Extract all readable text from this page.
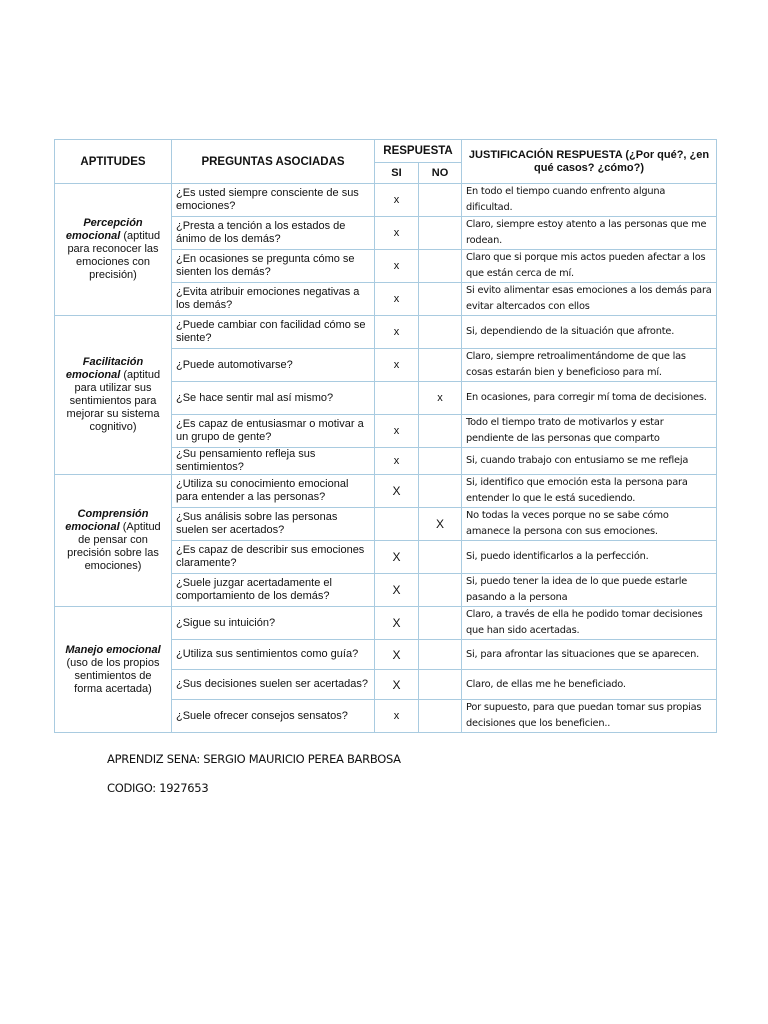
APTITUDES	PREGUNTAS ASOCIADAS	RESPUESTA		JUSTIFICACIÓN RESPUESTA (¿Por qué?, ¿en qué casos? ¿cómo?)
		SI	NO	
Percepción emocional (aptitud para reconocer las emociones con precisión)	¿Es usted siempre consciente de sus emociones?	x		En todo el tiempo cuando enfrento alguna dificultad.
	¿Presta a tención a los estados de ánimo de los demás?	x		Claro, siempre estoy atento a las personas que me rodean.
	¿En ocasiones se pregunta cómo se sienten los demás?	x		Claro que si porque mis actos pueden afectar a los que están cerca de mí.
	¿Evita atribuir emociones negativas a los demás?	x		Si evito alimentar esas emociones a los demás para evitar altercados con ellos
Facilitación emocional (aptitud para utilizar sus sentimientos para mejorar su sistema cognitivo)	¿Puede cambiar con facilidad cómo se siente?	x		Si, dependiendo de la situación que afronte.
	¿Puede automotivarse?	x		Claro, siempre retroalimentándome de que las cosas estarán bien y beneficioso para mí.
	¿Se hace sentir mal así mismo?		x	En ocasiones, para corregir mí toma de decisiones.
	¿Es capaz de entusiasmar o motivar a un grupo de gente?	x		Todo el tiempo trato de motivarlos y estar pendiente de las personas que comparto
	¿Su pensamiento refleja sus sentimientos?	x		Si, cuando trabajo con entusiamo se me refleja
Comprensión emocional (Aptitud de pensar con precisión sobre las emociones)	¿Utiliza su conocimiento emocional para entender a las personas?	X		Si, identifico que emoción esta la persona para entender lo que le está sucediendo.
	¿Sus análisis sobre las personas suelen ser acertados?		X	No todas la veces porque no se sabe cómo amanece la persona con sus emociones.
	¿Es capaz de describir sus emociones claramente?	X		Si, puedo identificarlos a la perfección.
	¿Suele juzgar acertadamente el comportamiento de los demás?	X		Si, puedo tener la idea de lo que puede estarle pasando a la persona
Manejo emocional (uso de los propios sentimientos de forma acertada)	¿Sigue su intuición?	X		Claro, a través de ella he podido tomar decisiones que han sido acertadas.
	¿Utiliza sus sentimientos como guía?	X		Si, para afrontar las situaciones que se aparecen.
	¿Sus decisiones suelen ser acertadas?	X		Claro, de ellas me he beneficiado.
	¿Suele ofrecer consejos sensatos?	x		Por supuesto, para que puedan tomar sus propias decisiones que los beneficien..
APRENDIZ SENA: SERGIO MAURICIO PEREA BARBOSA
CODIGO: 1927653
